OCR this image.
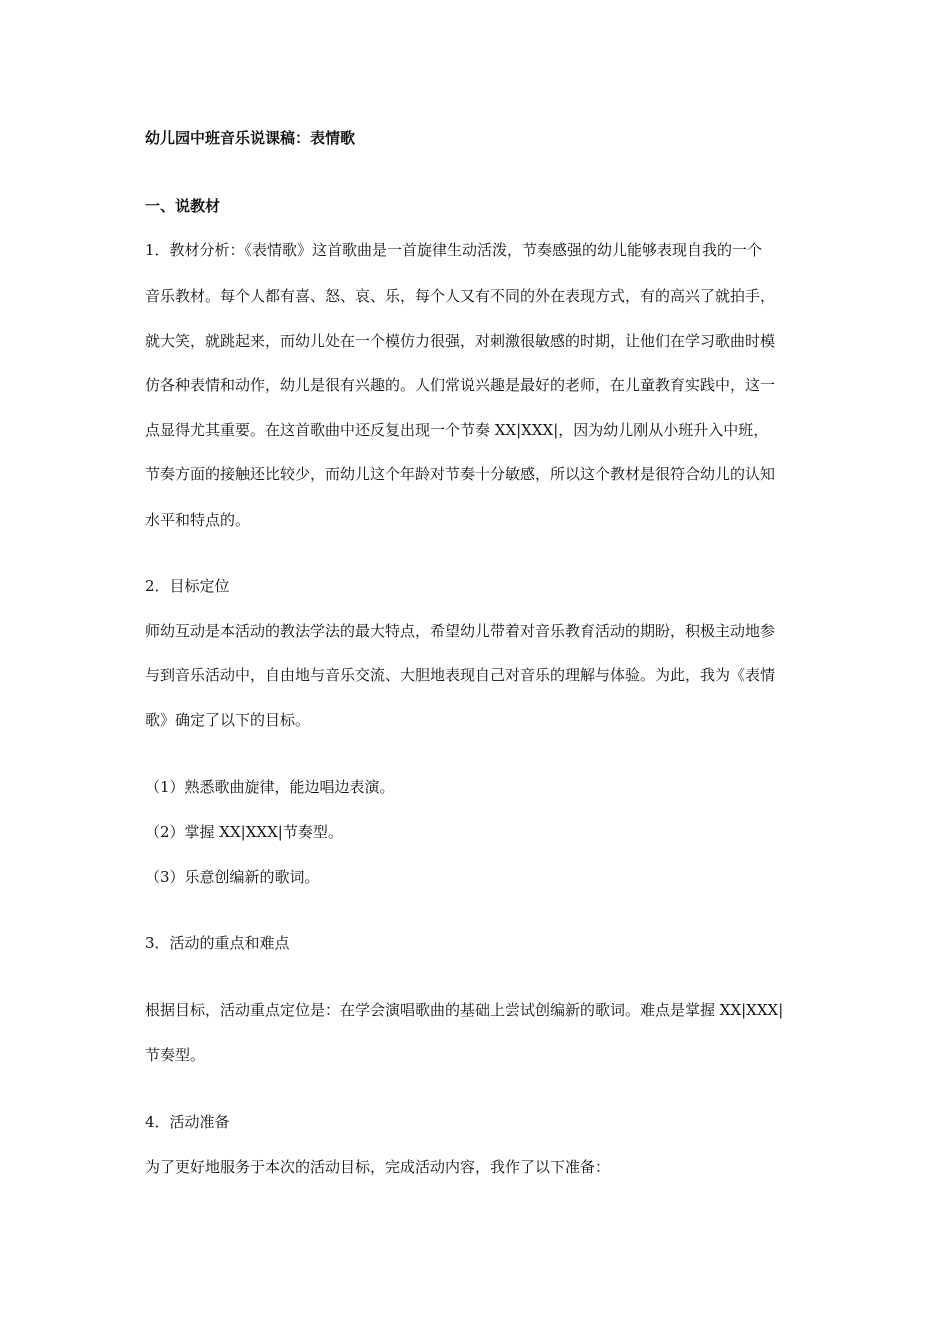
幼儿园中班音乐说课稿：表情歌
一、说教材
1．教材分析：《表情歌》这首歌曲是一首旋律生动活泼，节奏感强的幼儿能够表现自我的一个
音乐教材。每个人都有喜、怒、哀、乐，每个人又有不同的外在表现方式，有的高兴了就拍手，
就大笑，就跳起来，而幼儿处在一个模仿力很强，对刺激很敏感的时期，让他们在学习歌曲时模
仿各种表情和动作，幼儿是很有兴趣的。人们常说兴趣是最好的老师，在儿童教育实践中，这一
点显得尤其重要。在这首歌曲中还反复出现一个节奏 XX|XXX|，因为幼儿刚从小班升入中班，
节奏方面的接触还比较少，而幼儿这个年龄对节奏十分敏感，所以这个教材是很符合幼儿的认知
水平和特点的。
2．目标定位
师幼互动是本活动的教法学法的最大特点，希望幼儿带着对音乐教育活动的期盼，积极主动地参
与到音乐活动中，自由地与音乐交流、大胆地表现自己对音乐的理解与体验。为此，我为《表情
歌》确定了以下的目标。
（1）熟悉歌曲旋律，能边唱边表演。
（2）掌握 XX|XXX|节奏型。
（3）乐意创编新的歌词。
3．活动的重点和难点
根据目标，活动重点定位是：在学会演唱歌曲的基础上尝试创编新的歌词。难点是掌握 XX|XXX|
节奏型。
4．活动准备
为了更好地服务于本次的活动目标，完成活动内容，我作了以下准备：
